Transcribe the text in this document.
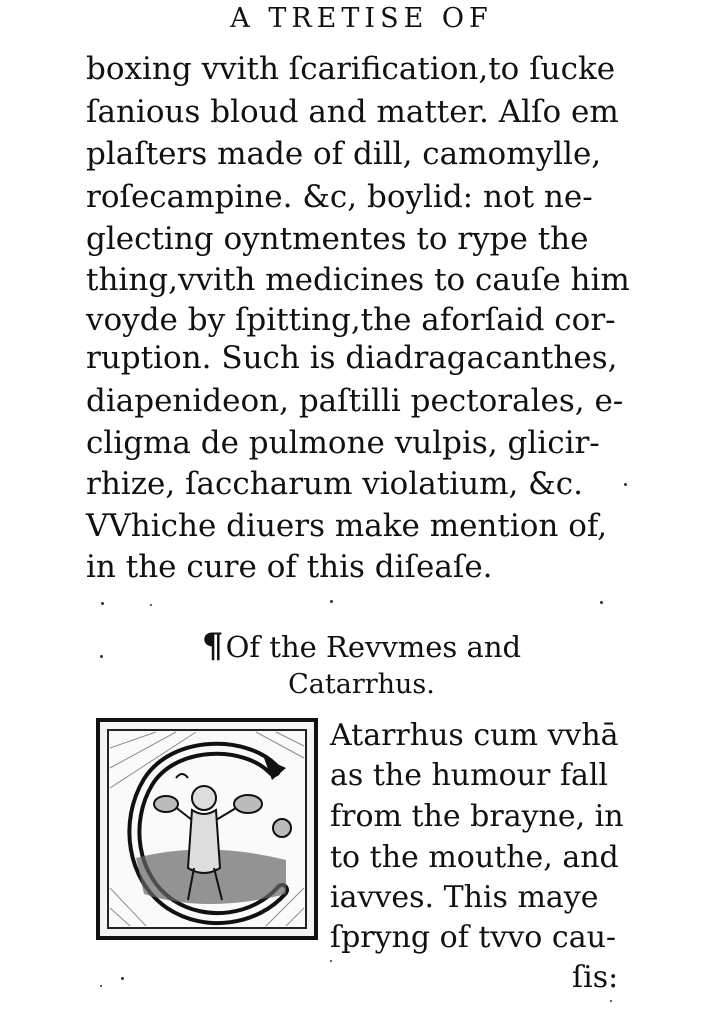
A TRETISE OF
boxing vvith ſcarification,to ſucke
ſanious bloud and matter. Alſo em
plaſters made of dill, camomylle,
roſecampine. &c, boylid: not ne-
glecting oyntmentes to rype the
thing,vvith medicines to cauſe him
voyde by ſpitting,the aforſaid cor-
ruption. Such is diadragacanthes,
diapenideon, paſtilli pectorales, e-
cligma de pulmone vulpis, glicir-
rhize, ſaccharum violatium, &c.
VVhiche diuers make mention of,
in the cure of this diſeaſe.
¶Of the Revvmes and
Catarrhus.
Atarrhus cum vvhā
as the humour fall
from the brayne, in
to the mouthe, and
iavves. This maye
ſpryng of tvvo cau-
ſis:
